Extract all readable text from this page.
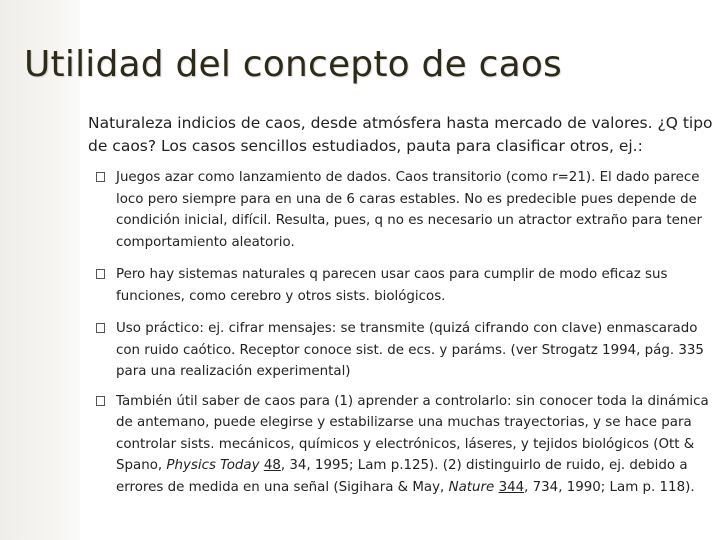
Utilidad del concepto de caos
Naturaleza indicios de caos, desde atmósfera hasta mercado de valores. ¿Q tipo de caos? Los casos sencillos estudiados, pauta para clasificar otros, ej.:
Juegos azar como lanzamiento de dados. Caos transitorio (como r=21). El dado parece loco pero siempre para en una de 6 caras estables. No es predecible pues depende de condición inicial, difícil. Resulta, pues, q no es necesario un atractor extraño para tener comportamiento aleatorio.
Pero hay sistemas naturales q parecen usar caos para cumplir de modo eficaz sus funciones, como cerebro y otros sists. biológicos.
Uso práctico: ej. cifrar mensajes: se transmite (quizá cifrando con clave) enmascarado con ruido caótico. Receptor conoce sist. de ecs. y paráms. (ver Strogatz 1994, pág. 335 para una realización experimental)
También útil saber de caos para (1) aprender a controlarlo: sin conocer toda la dinámica de antemano, puede elegirse y estabilizarse una muchas trayectorias, y se hace para controlar sists. mecánicos, químicos y electrónicos, láseres, y tejidos biológicos (Ott & Spano, Physics Today 48, 34, 1995; Lam p.125). (2) distinguirlo de ruido, ej. debido a errores de medida en una señal (Sigihara & May, Nature 344, 734, 1990; Lam p. 118).
